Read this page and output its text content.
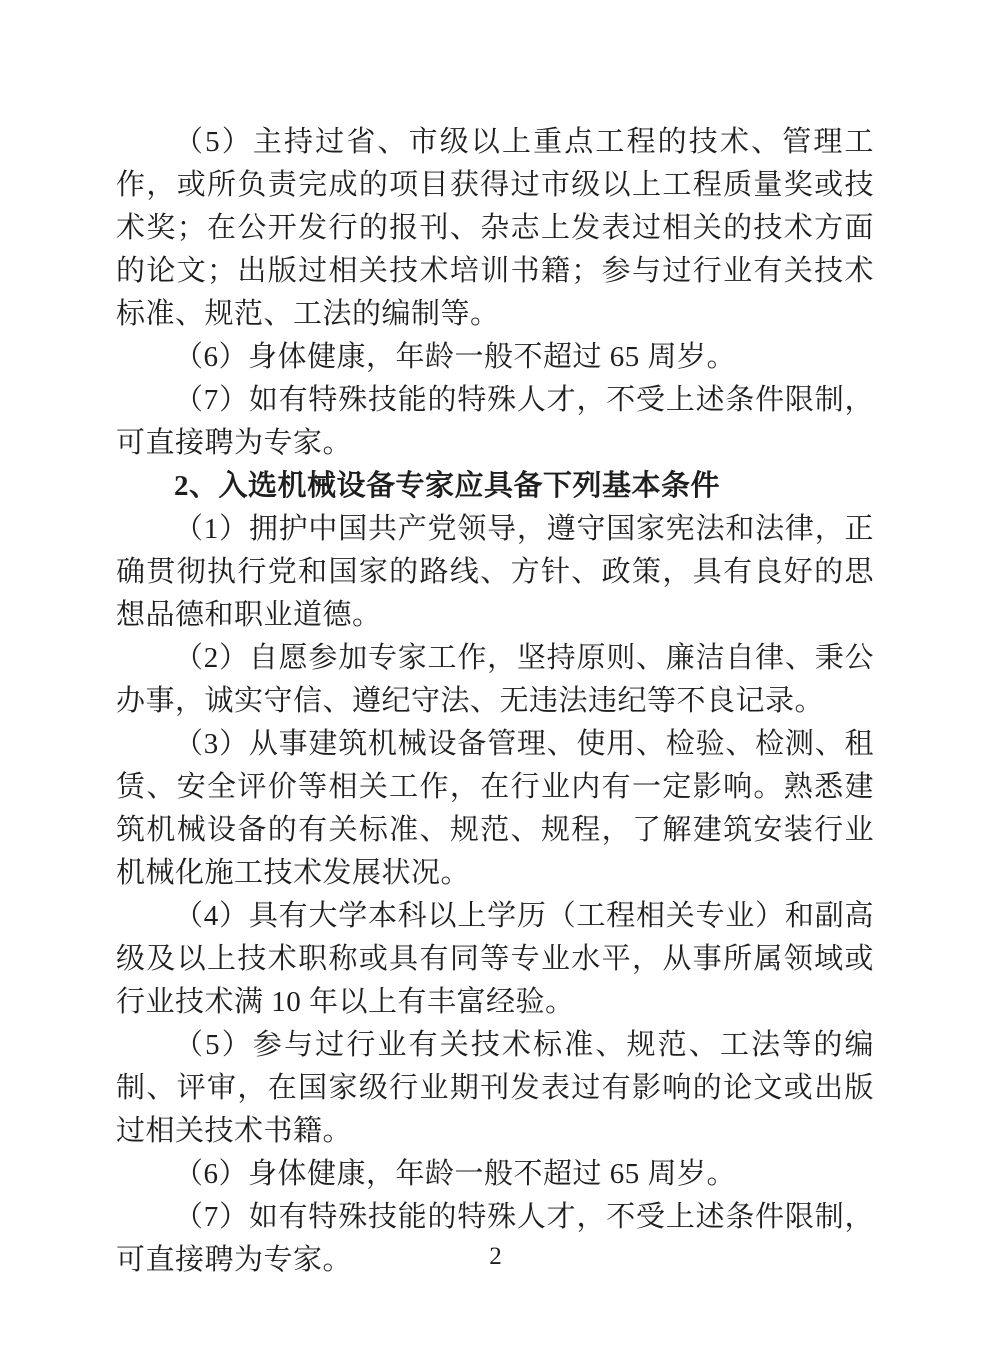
（5）主持过省、市级以上重点工程的技术、管理工作，或所负责完成的项目获得过市级以上工程质量奖或技术奖；在公开发行的报刊、杂志上发表过相关的技术方面的论文；出版过相关技术培训书籍；参与过行业有关技术标准、规范、工法的编制等。

（6）身体健康，年龄一般不超过 65 周岁。

（7）如有特殊技能的特殊人才，不受上述条件限制，可直接聘为专家。

2、入选机械设备专家应具备下列基本条件

（1）拥护中国共产党领导，遵守国家宪法和法律，正确贯彻执行党和国家的路线、方针、政策，具有良好的思想品德和职业道德。

（2）自愿参加专家工作，坚持原则、廉洁自律、秉公办事，诚实守信、遵纪守法、无违法违纪等不良记录。

（3）从事建筑机械设备管理、使用、检验、检测、租赁、安全评价等相关工作，在行业内有一定影响。熟悉建筑机械设备的有关标准、规范、规程，了解建筑安装行业机械化施工技术发展状况。

（4）具有大学本科以上学历（工程相关专业）和副高级及以上技术职称或具有同等专业水平，从事所属领域或行业技术满 10 年以上有丰富经验。

（5）参与过行业有关技术标准、规范、工法等的编制、评审，在国家级行业期刊发表过有影响的论文或出版过相关技术书籍。

（6）身体健康，年龄一般不超过 65 周岁。

（7）如有特殊技能的特殊人才，不受上述条件限制，可直接聘为专家。	2
